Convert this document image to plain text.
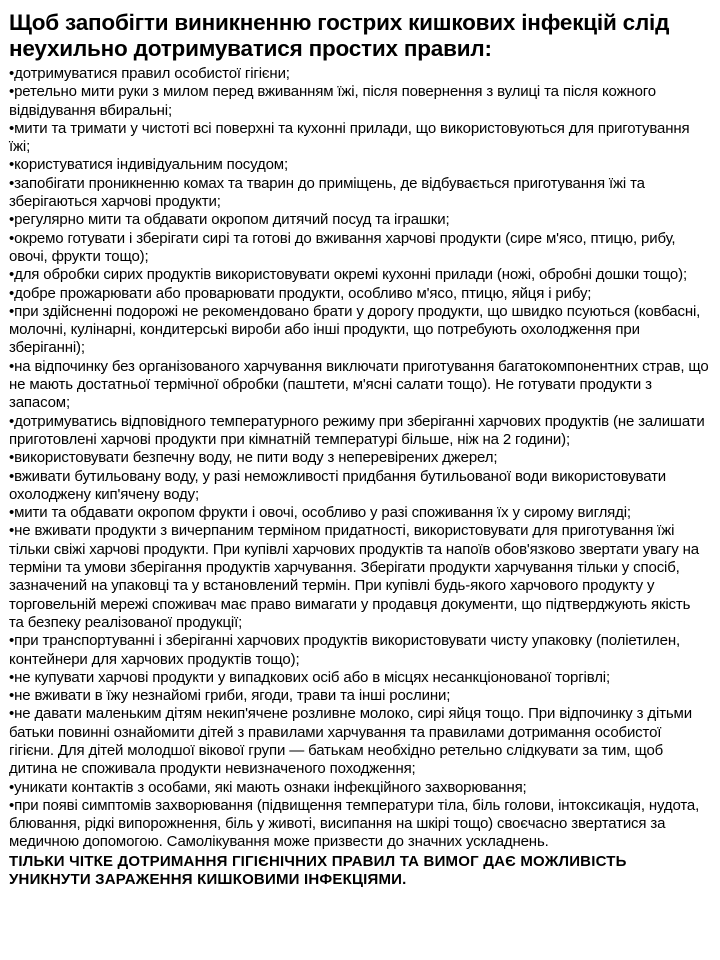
Щоб запобігти виникненню гострих кишкових інфекцій слід неухильно дотримуватися простих правил:
•дотримуватися правил особистої гігієни;
•ретельно мити руки з милом перед вживанням їжі, після повернення з вулиці та після кожного відвідування вбиральні;
•мити та тримати у чистоті всі поверхні та кухонні прилади, що використовуються для приготування їжі;
•користуватися індивідуальним посудом;
•запобігати проникненню комах та тварин до приміщень, де відбувається приготування їжі та зберігаються харчові продукти;
•регулярно мити та обдавати окропом дитячий посуд та іграшки;
•окремо готувати і зберігати сирі та готові до вживання харчові продукти (сире м'ясо, птицю, рибу, овочі, фрукти тощо);
•для обробки сирих продуктів використовувати окремі кухонні прилади (ножі, обробні дошки тощо);
•добре прожарювати або проварювати продукти, особливо м'ясо, птицю, яйця і рибу;
•при здійсненні подорожі не рекомендовано брати у дорогу продукти, що швидко псуються (ковбасні, молочні, кулінарні, кондитерські вироби або інші продукти, що потребують охолодження при зберіганні);
•на відпочинку без організованого харчування виключати приготування багатокомпонентних страв, що не мають достатньої термічної обробки (паштети, м'ясні салати тощо). Не готувати продукти з запасом;
•дотримуватись відповідного температурного режиму при зберіганні харчових продуктів (не залишати приготовлені харчові продукти при кімнатній температурі більше, ніж на 2 години);
•використовувати безпечну воду, не пити воду з неперевірених джерел;
•вживати бутильовану воду, у разі неможливості придбання бутильованої води використовувати охолоджену кип'ячену воду;
•мити та обдавати окропом фрукти і овочі, особливо у разі споживання їх у сирому вигляді;
•не вживати продукти з вичерпаним терміном придатності, використовувати для приготування їжі тільки свіжі харчові продукти. При купівлі харчових продуктів та напоїв обов'язково звертати увагу на терміни та умови зберігання продуктів харчування. Зберігати продукти харчування тільки у спосіб, зазначений на упаковці та у встановлений термін. При купівлі будь-якого харчового продукту у торговельній мережі споживач має право вимагати у продавця документи, що підтверджують якість та безпеку реалізованої продукції;
•при транспортуванні і зберіганні харчових продуктів використовувати чисту упаковку (поліетилен, контейнери для харчових продуктів тощо);
•не купувати харчові продукти у випадкових осіб або в місцях несанкціонованої торгівлі;
•не вживати в їжу незнайомі гриби, ягоди, трави та інші рослини;
•не давати маленьким дітям некип'ячене розливне молоко, сирі яйця тощо. При відпочинку з дітьми батьки повинні ознайомити дітей з правилами харчування та правилами дотримання особистої гігієни. Для дітей молодшої вікової групи — батькам необхідно ретельно слідкувати за тим, щоб дитина не споживала продукти невизначеного походження;
•уникати контактів з особами, які мають ознаки інфекційного захворювання;
•при появі симптомів захворювання (підвищення температури тіла, біль голови, інтоксикація, нудота, блювання, рідкі випорожнення, біль у животі, висипання на шкірі тощо) своєчасно звертатися за медичною допомогою. Самолікування може призвести до значних ускладнень.

ТІЛЬКИ ЧІТКЕ ДОТРИМАННЯ ГІГІЄНІЧНИХ ПРАВИЛ ТА ВИМОГ ДАЄ МОЖЛИВІСТЬ УНИКНУТИ ЗАРАЖЕННЯ КИШКОВИМИ ІНФЕКЦІЯМИ.
